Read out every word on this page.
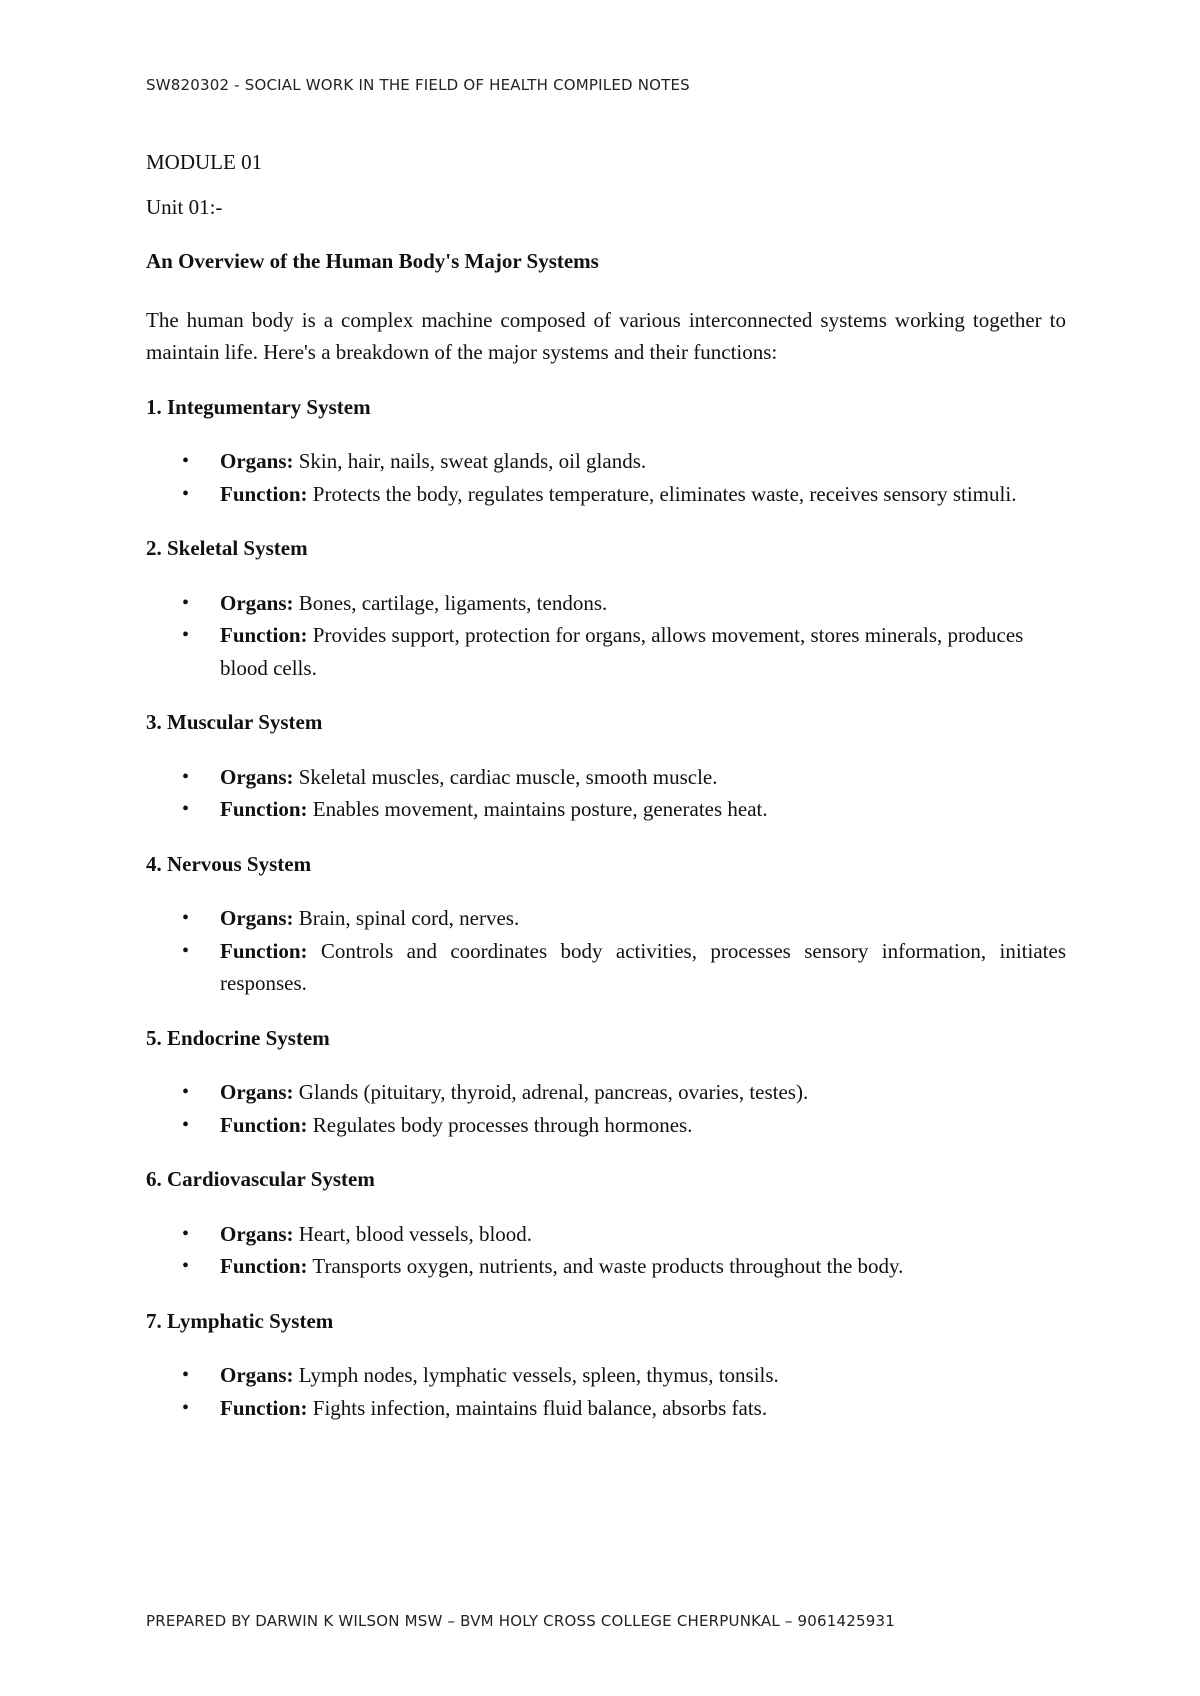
SW820302 - SOCIAL WORK IN THE FIELD OF HEALTH COMPILED NOTES

MODULE 01

Unit 01:-

An Overview of the Human Body's Major Systems

The human body is a complex machine composed of various interconnected systems working together to maintain life. Here's a breakdown of the major systems and their functions:

1. Integumentary System

• Organs: Skin, hair, nails, sweat glands, oil glands.
• Function: Protects the body, regulates temperature, eliminates waste, receives sensory stimuli.

2. Skeletal System

• Organs: Bones, cartilage, ligaments, tendons.
• Function: Provides support, protection for organs, allows movement, stores minerals, produces blood cells.

3. Muscular System

• Organs: Skeletal muscles, cardiac muscle, smooth muscle.
• Function: Enables movement, maintains posture, generates heat.

4. Nervous System

• Organs: Brain, spinal cord, nerves.
• Function: Controls and coordinates body activities, processes sensory information, initiates responses.

5. Endocrine System

• Organs: Glands (pituitary, thyroid, adrenal, pancreas, ovaries, testes).
• Function: Regulates body processes through hormones.

6. Cardiovascular System

• Organs: Heart, blood vessels, blood.
• Function: Transports oxygen, nutrients, and waste products throughout the body.

7. Lymphatic System

• Organs: Lymph nodes, lymphatic vessels, spleen, thymus, tonsils.
• Function: Fights infection, maintains fluid balance, absorbs fats.
PREPARED BY DARWIN K WILSON MSW – BVM HOLY CROSS COLLEGE CHERPUNKAL – 9061425931
